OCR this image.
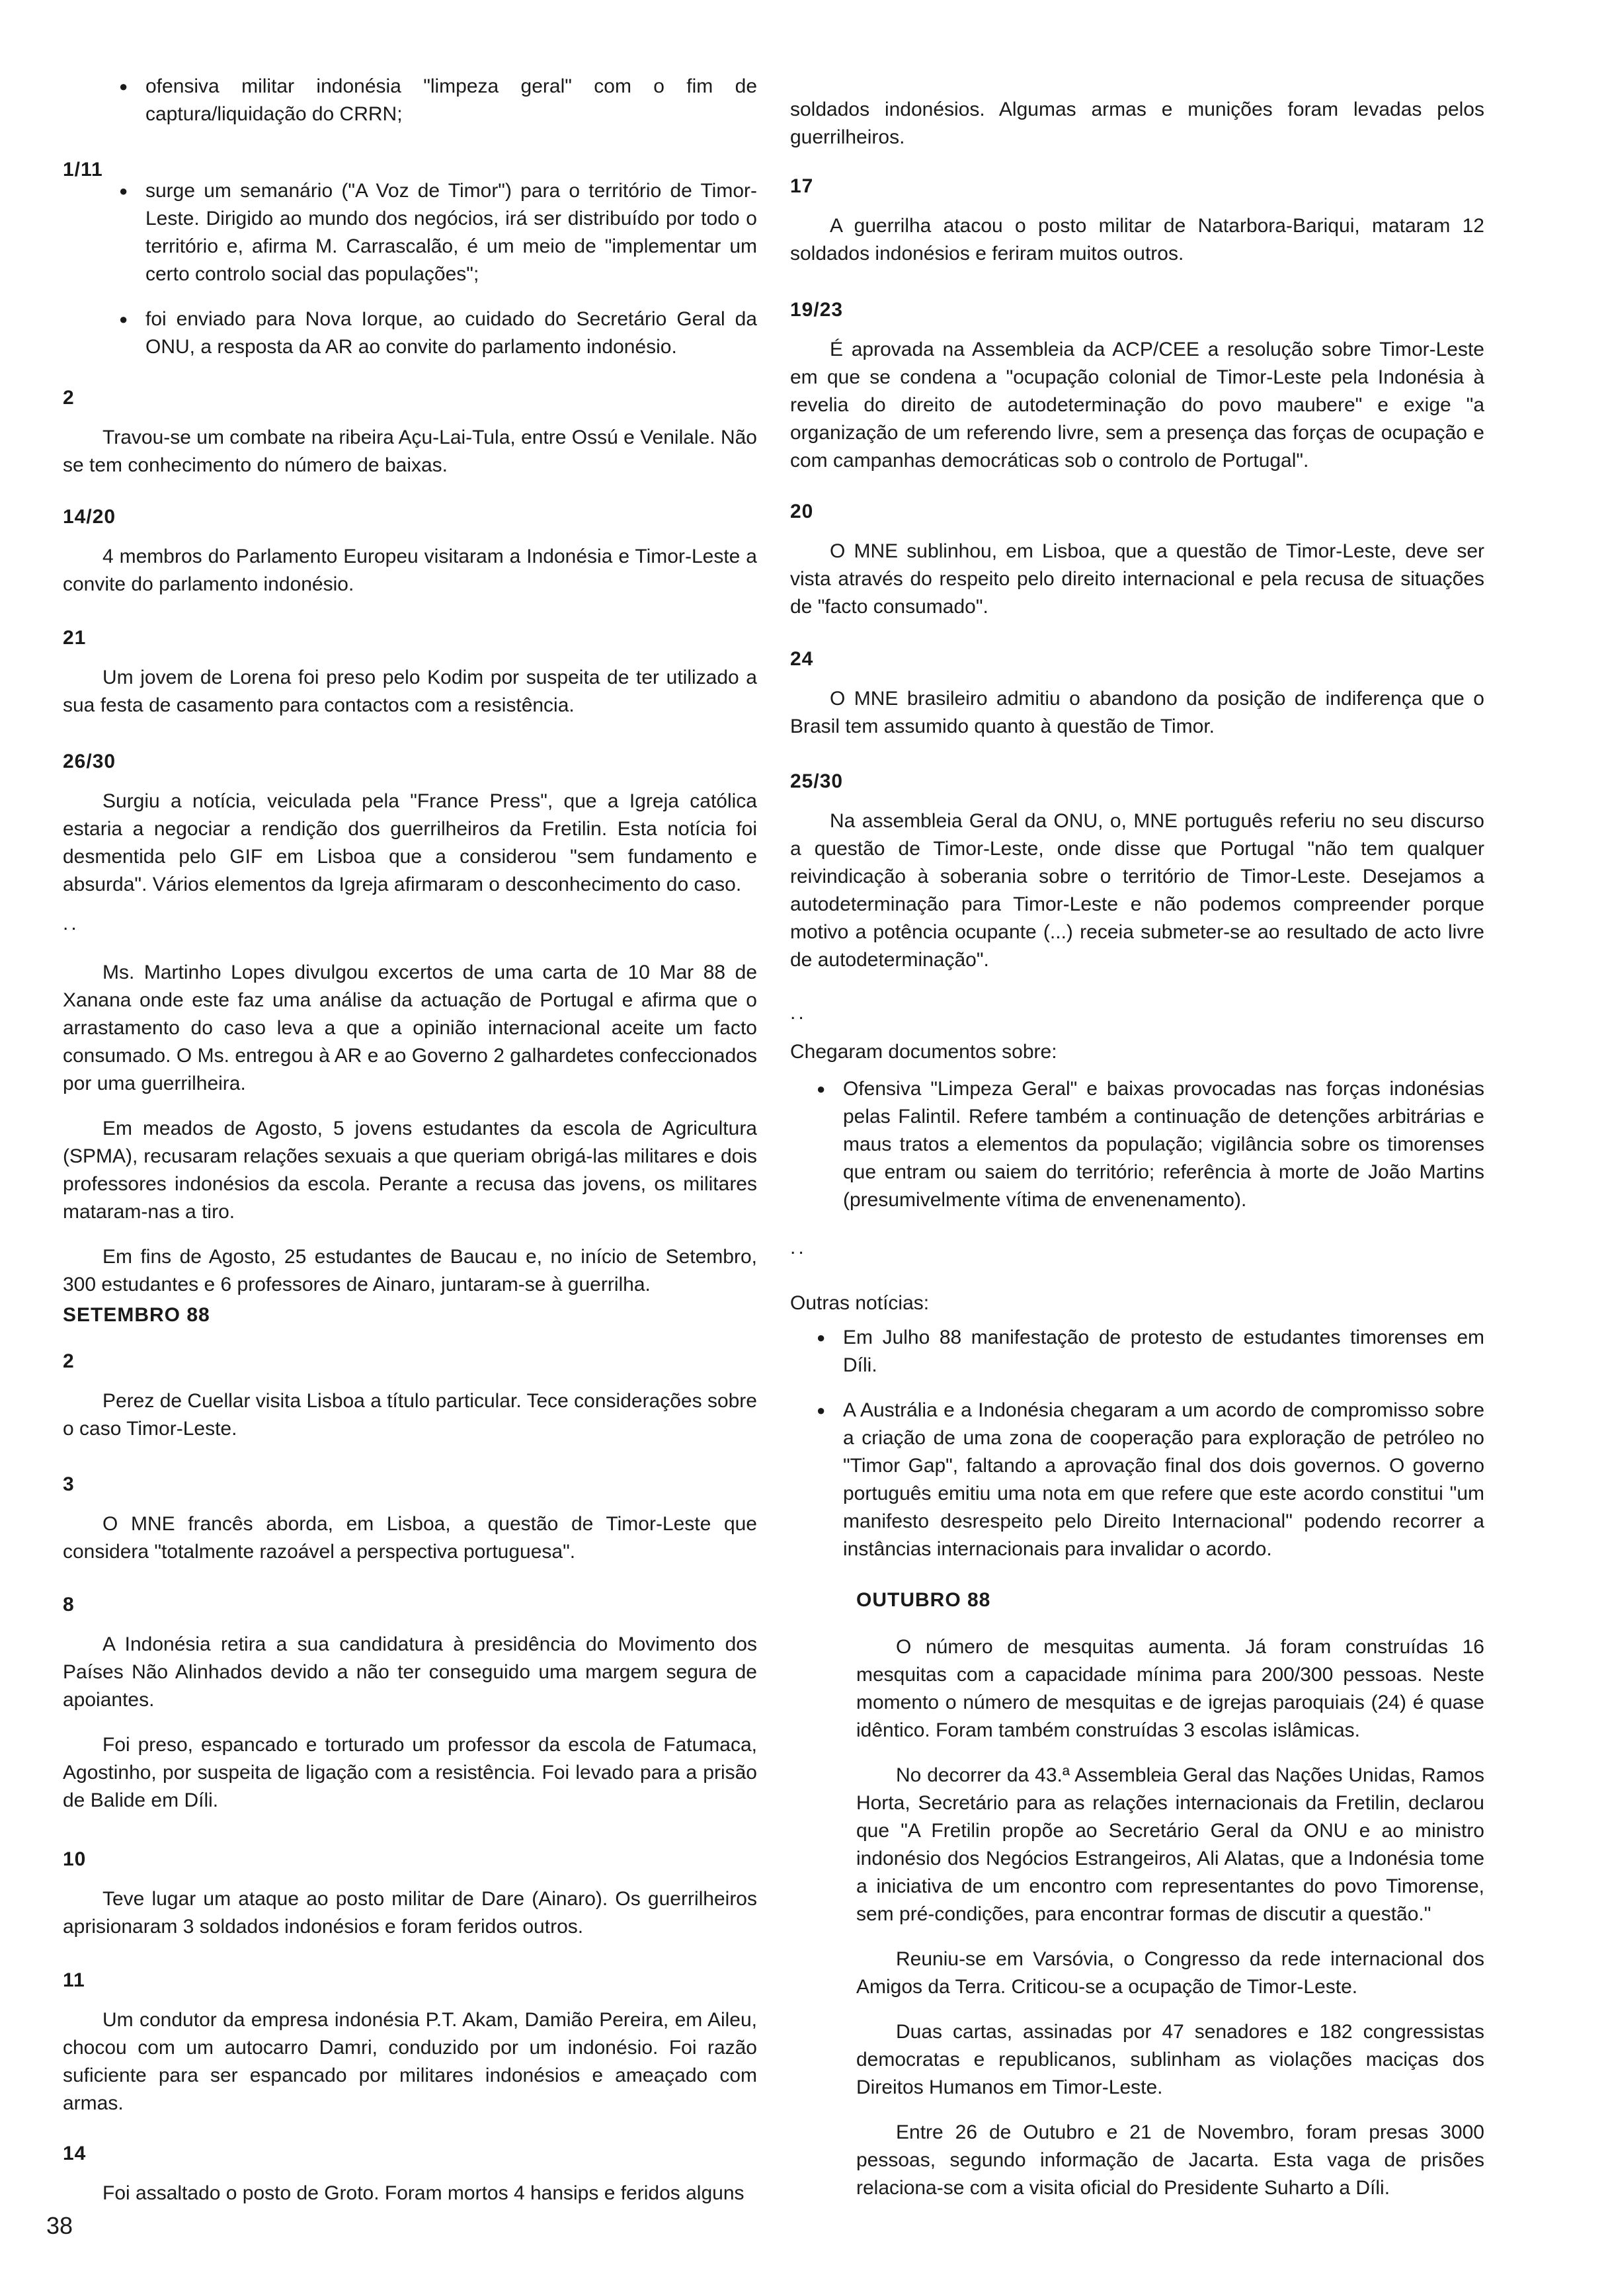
● ofensiva militar indonésia "limpeza geral" com o fim de captura/liquidação do CRRN;
1/11
● surge um semanário ("A Voz de Timor") para o território de Timor-Leste. Dirigido ao mundo dos negócios, irá ser distribuído por todo o território e, afirma M. Carrascalão, é um meio de "implementar um certo controlo social das populações";
● foi enviado para Nova Iorque, ao cuidado do Secretário Geral da ONU, a resposta da AR ao convite do parlamento indonésio.
2

Travou-se um combate na ribeira Açu-Lai-Tula, entre Ossú e Venilale. Não se tem conhecimento do número de baixas.

14/20

4 membros do Parlamento Europeu visitaram a Indonésia e Timor-Leste a convite do parlamento indonésio.

21

Um jovem de Lorena foi preso pelo Kodim por suspeita de ter utilizado a sua festa de casamento para contactos com a resistência.

26/30

Surgiu a notícia, veiculada pela "France Press", que a Igreja católica estaria a negociar a rendição dos guerrilheiros da Fretilin. Esta notícia foi desmentida pelo GIF em Lisboa que a considerou "sem fundamento e absurda". Vários elementos da Igreja afirmaram o desconhecimento do caso.

..

Ms. Martinho Lopes divulgou excertos de uma carta de 10 Mar 88 de Xanana onde este faz uma análise da actuação de Portugal e afirma que o arrastamento do caso leva a que a opinião internacional aceite um facto consumado. O Ms. entregou à AR e ao Governo 2 galhardetes confeccionados por uma guerrilheira.

Em meados de Agosto, 5 jovens estudantes da escola de Agricultura (SPMA), recusaram relações sexuais a que queriam obrigá-las militares e dois professores indonésios da escola. Perante a recusa das jovens, os militares mataram-nas a tiro.

Em fins de Agosto, 25 estudantes de Baucau e, no início de Setembro, 300 estudantes e 6 professores de Ainaro, juntaram-se à guerrilha.

SETEMBRO 88
2

Perez de Cuellar visita Lisboa a título particular. Tece considerações sobre o caso Timor-Leste.

3

O MNE francês aborda, em Lisboa, a questão de Timor-Leste que considera "totalmente razoável a perspectiva portuguesa".

8

A Indonésia retira a sua candidatura à presidência do Movimento dos Países Não Alinhados devido a não ter conseguido uma margem segura de apoiantes.

Foi preso, espancado e torturado um professor da escola de Fatumaca, Agostinho, por suspeita de ligação com a resistência. Foi levado para a prisão de Balide em Díli.

10

Teve lugar um ataque ao posto militar de Dare (Ainaro). Os guerrilheiros aprisionaram 3 soldados indonésios e foram feridos outros.

11

Um condutor da empresa indonésia P.T. Akam, Damião Pereira, em Aileu, chocou com um autocarro Damri, conduzido por um indonésio. Foi razão suficiente para ser espancado por militares indonésios e ameaçado com armas.

14

Foi assaltado o posto de Groto. Foram mortos 4 hansips e feridos alguns

soldados indonésios. Algumas armas e munições foram levadas pelos guerrilheiros.

17

A guerrilha atacou o posto militar de Natarbora-Bariqui, mataram 12 soldados indonésios e feriram muitos outros.

19/23

É aprovada na Assembleia da ACP/CEE a resolução sobre Timor-Leste em que se condena a "ocupação colonial de Timor-Leste pela Indonésia à revelia do direito de autodeterminação do povo maubere" e exige "a organização de um referendo livre, sem a presença das forças de ocupação e com campanhas democráticas sob o controlo de Portugal".

20

O MNE sublinhou, em Lisboa, que a questão de Timor-Leste, deve ser vista através do respeito pelo direito internacional e pela recusa de situações de "facto consumado".

24

O MNE brasileiro admitiu o abandono da posição de indiferença que o Brasil tem assumido quanto à questão de Timor.

25/30

Na assembleia Geral da ONU, o, MNE português referiu no seu discurso a questão de Timor-Leste, onde disse que Portugal "não tem qualquer reivindicação à soberania sobre o território de Timor-Leste. Desejamos a autodeterminação para Timor-Leste e não podemos compreender porque motivo a potência ocupante (...) receia submeter-se ao resultado de acto livre de autodeterminação".

..

Chegaram documentos sobre:

● Ofensiva "Limpeza Geral" e baixas provocadas nas forças indonésias pelas Falintil. Refere também a continuação de detenções arbitrárias e maus tratos a elementos da população; vigilância sobre os timorenses que entram ou saiem do território; referência à morte de João Martins (presumivelmente vítima de envenenamento).
..

Outras notícias:

● Em Julho 88 manifestação de protesto de estudantes timorenses em Díli.
● A Austrália e a Indonésia chegaram a um acordo de compromisso sobre a criação de uma zona de cooperação para exploração de petróleo no "Timor Gap", faltando a aprovação final dos dois governos. O governo português emitiu uma nota em que refere que este acordo constitui "um manifesto desrespeito pelo Direito Internacional" podendo recorrer a instâncias internacionais para invalidar o acordo.
OUTUBRO 88

O número de mesquitas aumenta. Já foram construídas 16 mesquitas com a capacidade mínima para 200/300 pessoas. Neste momento o número de mesquitas e de igrejas paroquiais (24) é quase idêntico. Foram também construídas 3 escolas islâmicas.

No decorrer da 43.ª Assembleia Geral das Nações Unidas, Ramos Horta, Secretário para as relações internacionais da Fretilin, declarou que "A Fretilin propõe ao Secretário Geral da ONU e ao ministro indonésio dos Negócios Estrangeiros, Ali Alatas, que a Indonésia tome a iniciativa de um encontro com representantes do povo Timorense, sem pré-condições, para encontrar formas de discutir a questão."

Reuniu-se em Varsóvia, o Congresso da rede internacional dos Amigos da Terra. Criticou-se a ocupação de Timor-Leste.

Duas cartas, assinadas por 47 senadores e 182 congressistas democratas e republicanos, sublinham as violações maciças dos Direitos Humanos em Timor-Leste.

Entre 26 de Outubro e 21 de Novembro, foram presas 3000 pessoas, segundo informação de Jacarta. Esta vaga de prisões relaciona-se com a visita oficial do Presidente Suharto a Díli.

38
